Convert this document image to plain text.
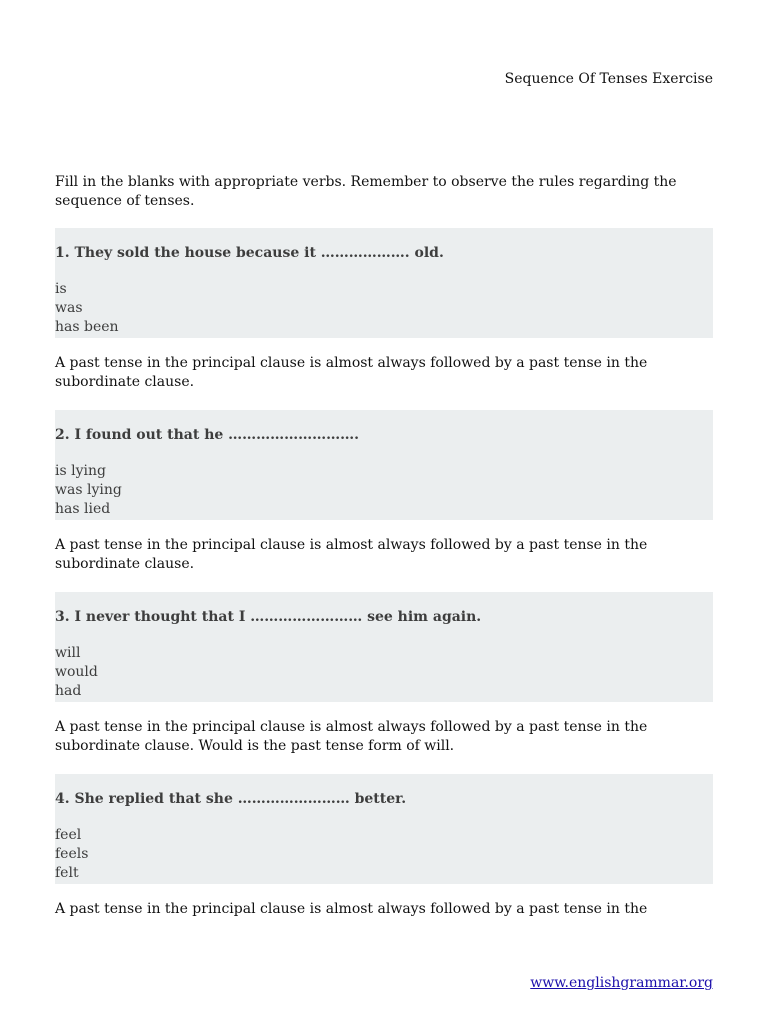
Sequence Of Tenses Exercise
Fill in the blanks with appropriate verbs. Remember to observe the rules regarding the sequence of tenses.
1. They sold the house because it ………………. old.
is
was
has been
A past tense in the principal clause is almost always followed by a past tense in the subordinate clause.
2. I found out that he ……………………….
is lying
was lying
has lied
A past tense in the principal clause is almost always followed by a past tense in the subordinate clause.
3. I never thought that I …………………… see him again.
will
would
had
A past tense in the principal clause is almost always followed by a past tense in the subordinate clause. Would is the past tense form of will.
4. She replied that she …………………… better.
feel
feels
felt
A past tense in the principal clause is almost always followed by a past tense in the
www.englishgrammar.org
